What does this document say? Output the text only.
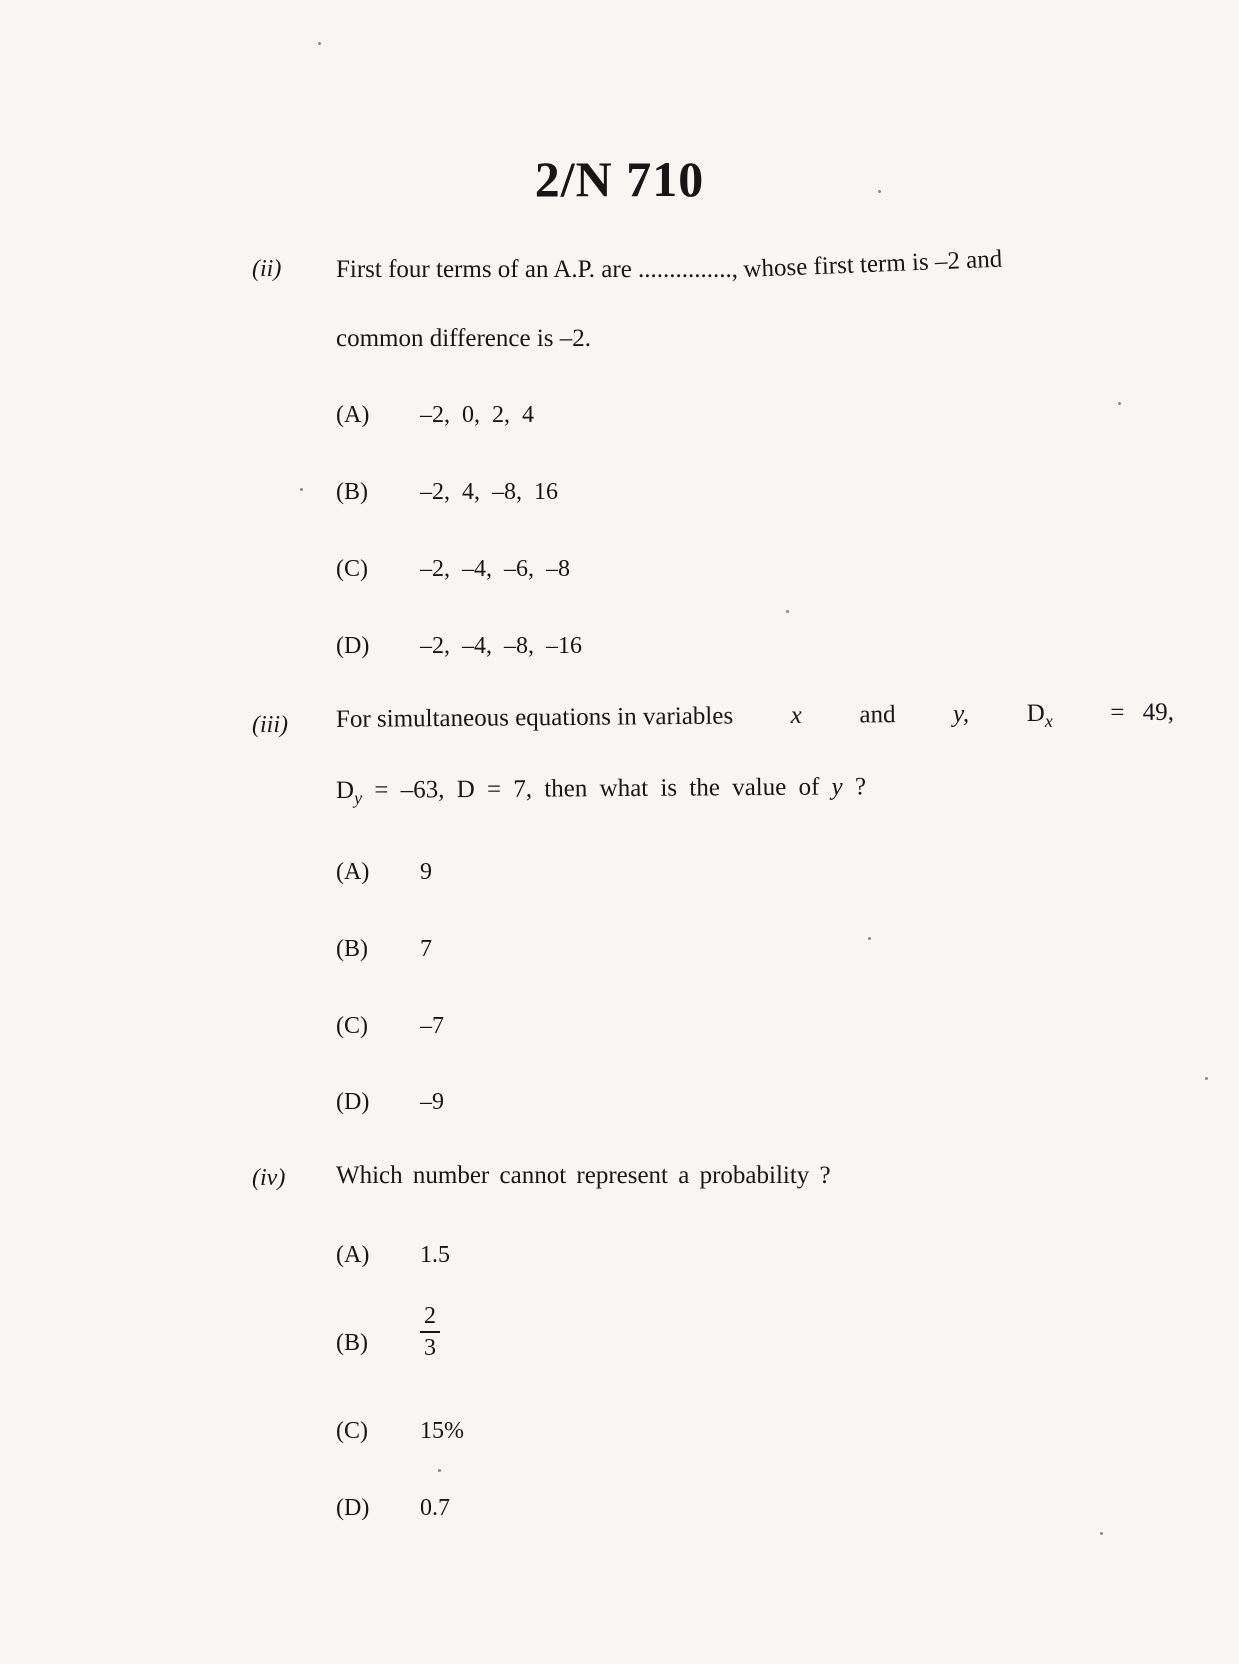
2/N 710
(ii) First four terms of an A.P. are ..............., whose first term is –2 and
common difference is –2.
(A) –2, 0, 2, 4
(B) –2, 4, –8, 16
(C) –2, –4, –6, –8
(D) –2, –4, –8, –16
(iii) For simultaneous equations in variables x and y, $D_x = 49$,
$D_y = -63$, D = 7, then what is the value of y ?
(A) 9
(B) 7
(C) –7
(D) –9
(iv) Which number cannot represent a probability ?
(A) 1.5
(B)
2
3
(C) 15%
(D) 0.7
